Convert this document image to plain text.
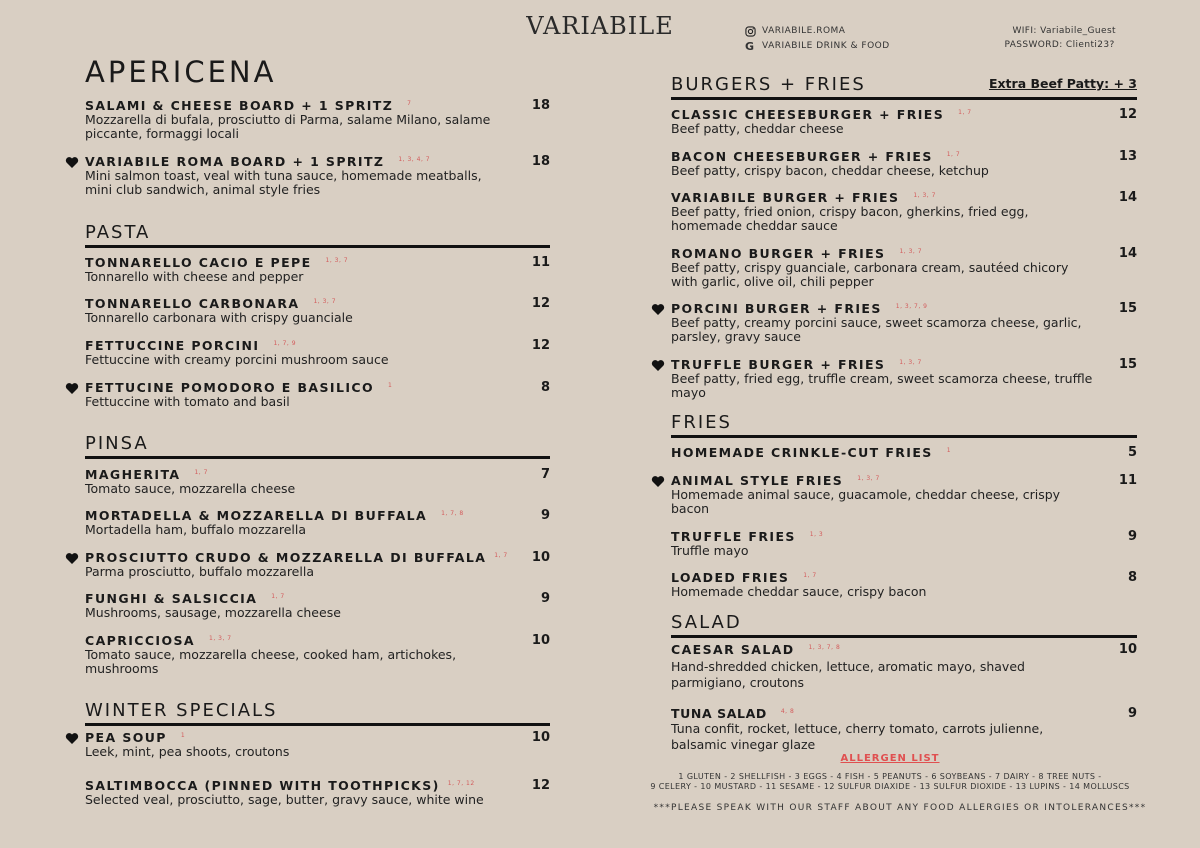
VARIABILE	VARIABILE.ROMA
G VARIABILE DRINK & FOOD
WIFI: Variabile_Guest
PASSWORD: Clienti23?
APERICENA
SALAMI & CHEESE BOARD + 1 SPRITZ $^7$	18
Mozzarella di bufala, prosciutto di Parma, salame Milano, salame
piccante, formaggi locali
VARIABILE ROMA BOARD + 1 SPRITZ $^{1, 3, 4, 7}$	18
Mini salmon toast, veal with tuna sauce, homemade meatballs,
mini club sandwich, animal style fries
PASTA
TONNARELLO CACIO E PEPE $^{1, 3, 7}$	11
Tonnarello with cheese and pepper
TONNARELLO CARBONARA $^{1, 3, 7}$	12
Tonnarello carbonara with crispy guanciale
FETTUCCINE PORCINI $^{1, 7, 9}$	12
Fettuccine with creamy porcini mushroom sauce
FETTUCINE POMODORO E BASILICO $^1$	8
Fettuccine with tomato and basil
PINSA
MAGHERITA $^{1, 7}$	7
Tomato sauce, mozzarella cheese
MORTADELLA & MOZZARELLA DI BUFFALA $^{1, 7, 8}$	9
Mortadella ham, buffalo mozzarella
PROSCIUTTO CRUDO & MOZZARELLA DI BUFFALA $^{1, 7}$	10
Parma prosciutto, buffalo mozzarella
FUNGHI & SALSICCIA $^{1, 7}$	9
Mushrooms, sausage, mozzarella cheese
CAPRICCIOSA $^{1, 3, 7}$	10
Tomato sauce, mozzarella cheese, cooked ham, artichokes,
mushrooms
WINTER SPECIALS
PEA SOUP $^1$	10
Leek, mint, pea shoots, croutons
SALTIMBOCCA (PINNED WITH TOOTHPICKS) $^{1, 7, 12}$	12
Selected veal, prosciutto, sage, butter, gravy sauce, white wine
BURGERS + FRIES	Extra Beef Patty: + 3
CLASSIC CHEESEBURGER + FRIES $^{1, 7}$	12
Beef patty, cheddar cheese
BACON CHEESEBURGER + FRIES $^{1, 7}$	13
Beef patty, crispy bacon, cheddar cheese, ketchup
VARIABILE BURGER + FRIES $^{1, 3, 7}$	14
Beef patty, fried onion, crispy bacon, gherkins, fried egg,
homemade cheddar sauce
ROMANO BURGER + FRIES $^{1, 3, 7}$	14
Beef patty, crispy guanciale, carbonara cream, sautéed chicory
with garlic, olive oil, chili pepper
PORCINI BURGER + FRIES $^{1, 3, 7, 9}$	15
Beef patty, creamy porcini sauce, sweet scamorza cheese, garlic,
parsley, gravy sauce
TRUFFLE BURGER + FRIES $^{1, 3, 7}$	15
Beef patty, fried egg, truffle cream, sweet scamorza cheese, truffle
mayo
FRIES
HOMEMADE CRINKLE-CUT FRIES $^1$	5
ANIMAL STYLE FRIES $^{1, 3, 7}$	11
Homemade animal sauce, guacamole, cheddar cheese, crispy
bacon
TRUFFLE FRIES $^{1, 3}$	9
Truffle mayo
LOADED FRIES $^{1, 7}$	8
Homemade cheddar sauce, crispy bacon
SALAD
CAESAR SALAD $^{1, 3, 7, 8}$	10
Hand-shredded chicken, lettuce, aromatic mayo, shaved
parmigiano, croutons
TUNA SALAD $^{4, 8}$	9
Tuna confit, rocket, lettuce, cherry tomato, carrots julienne,
balsamic vinegar glaze
ALLERGEN LIST
1 GLUTEN - 2 SHELLFISH - 3 EGGS - 4 FISH - 5 PEANUTS - 6 SOYBEANS - 7 DAIRY - 8 TREE NUTS -
9 CELERY - 10 MUSTARD - 11 SESAME - 12 SULFUR DIAXIDE - 13 SULFUR DIOXIDE - 13 LUPINS - 14 MOLLUSCS
***PLEASE SPEAK WITH OUR STAFF ABOUT ANY FOOD ALLERGIES OR INTOLERANCES***
